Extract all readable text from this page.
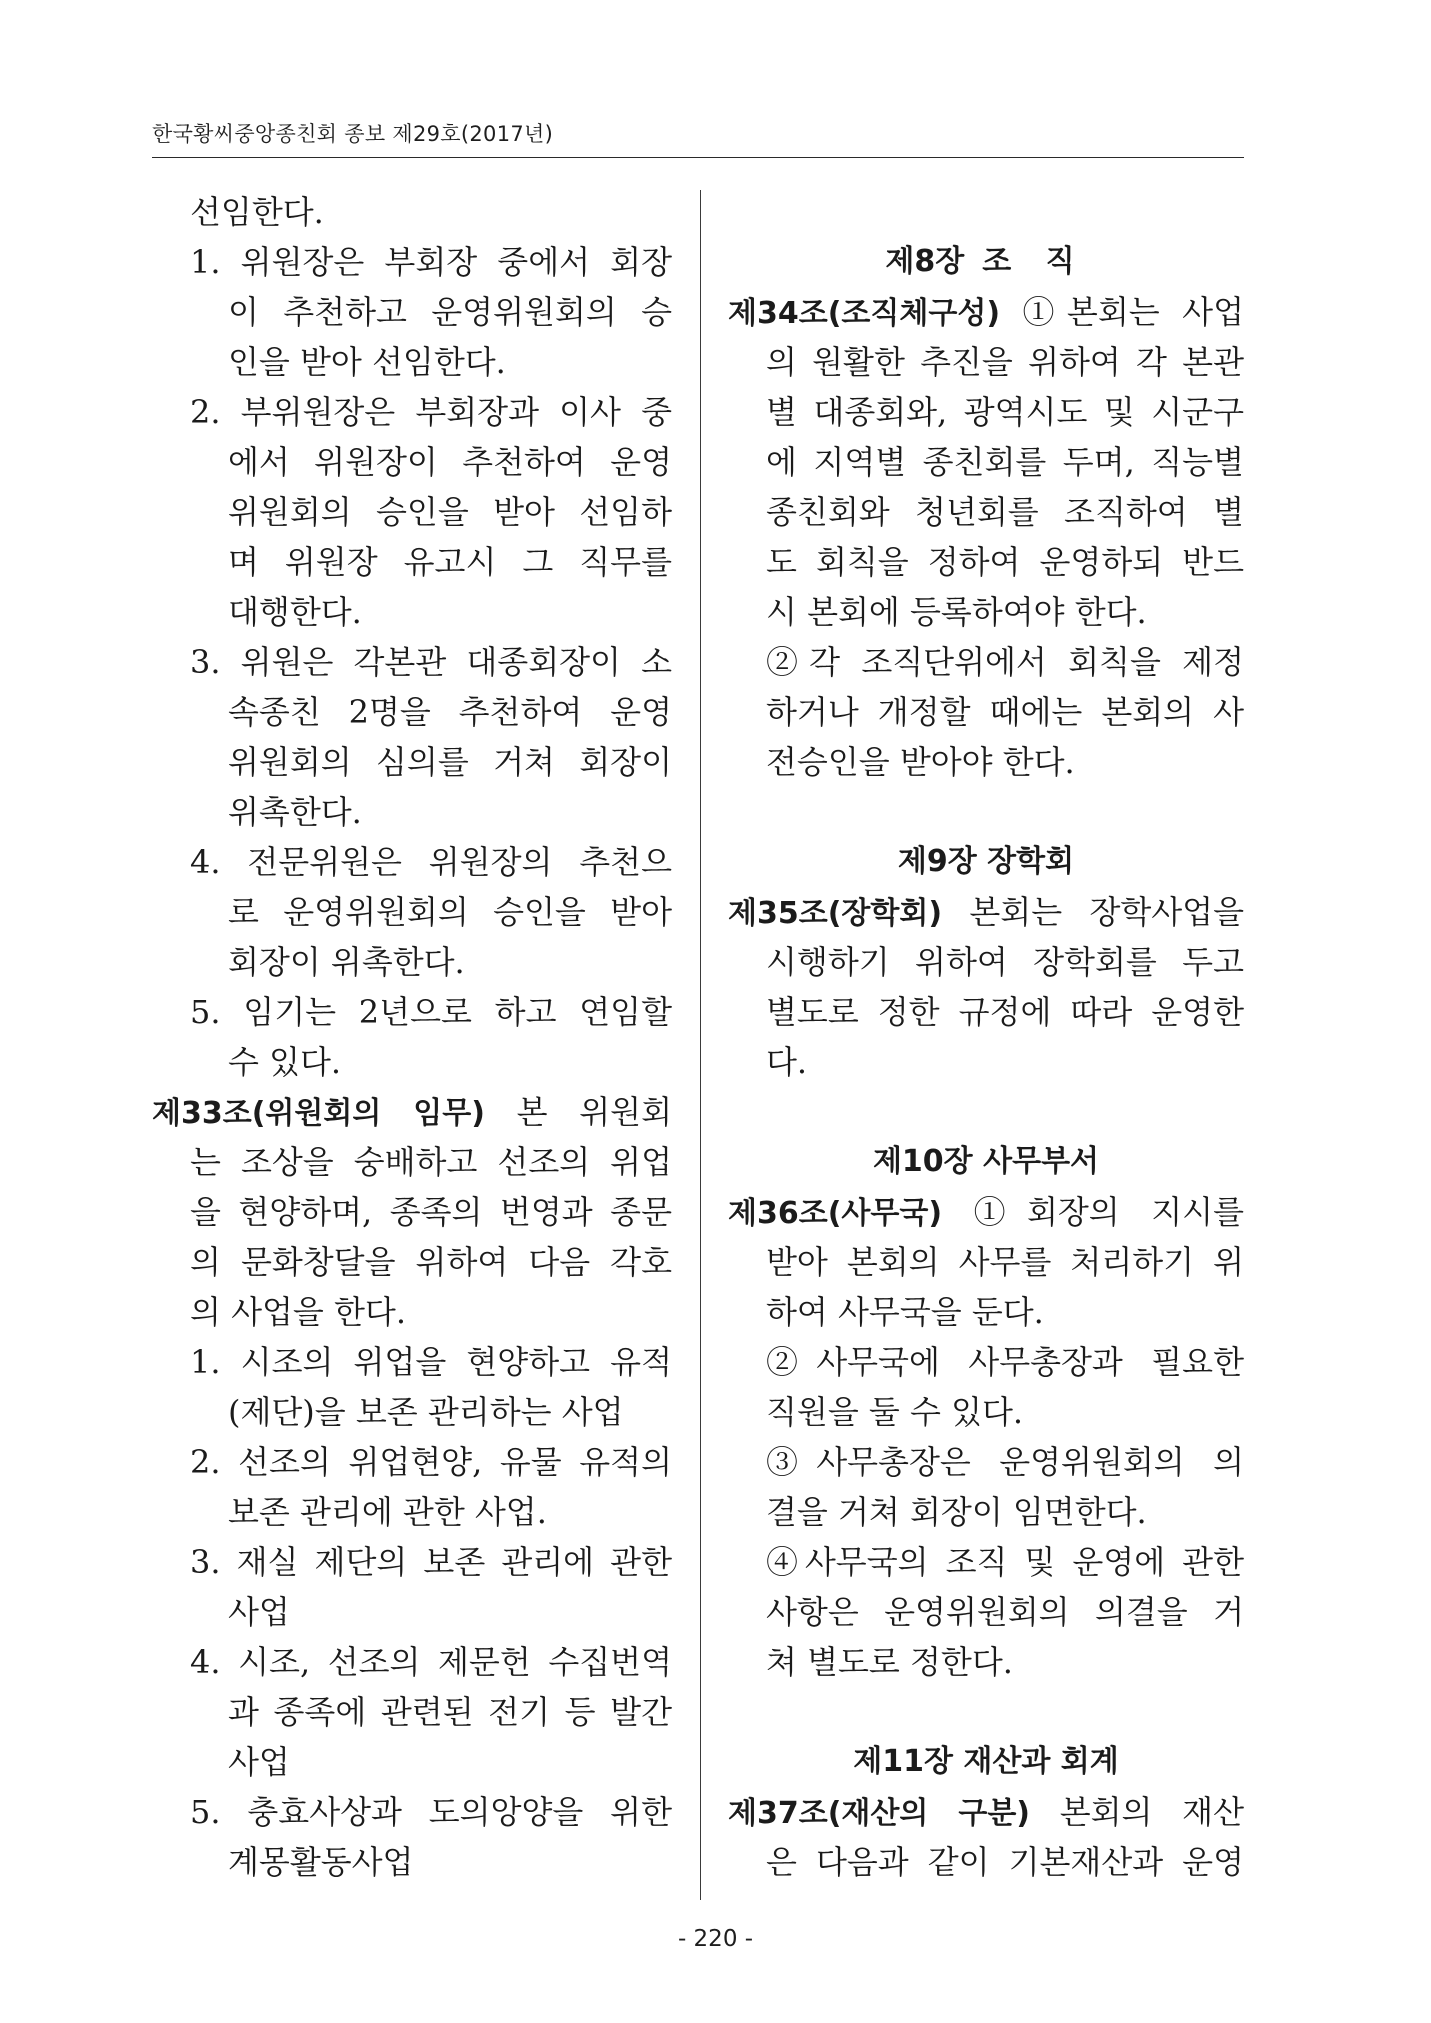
한국황씨중앙종친회 종보 제29호(2017년)
선임한다.
1. 위원장은 부회장 중에서 회장
이 추천하고 운영위원회의 승
인을 받아 선임한다.
2. 부위원장은 부회장과 이사 중
에서 위원장이 추천하여 운영
위원회의 승인을 받아 선임하
며 위원장 유고시 그 직무를
대행한다.
3. 위원은 각본관 대종회장이 소
속종친 2명을 추천하여 운영
위원회의 심의를 거쳐 회장이
위촉한다.
4. 전문위원은 위원장의 추천으
로 운영위원회의 승인을 받아
회장이 위촉한다.
5. 임기는 2년으로 하고 연임할
수 있다.
제33조(위원회의 임무) 본 위원회
는 조상을 숭배하고 선조의 위업
을 현양하며, 종족의 번영과 종문
의 문화창달을 위하여 다음 각호
의 사업을 한다.
1. 시조의 위업을 현양하고 유적
(제단)을 보존 관리하는 사업
2. 선조의 위업현양, 유물 유적의
보존 관리에 관한 사업.
3. 재실 제단의 보존 관리에 관한
사업
4. 시조, 선조의 제문헌 수집번역
과 종족에 관련된 전기 등 발간
사업
5. 충효사상과 도의앙양을 위한
계몽활동사업
제8장 조 직
제34조(조직체구성) ①본회는 사업
의 원활한 추진을 위하여 각 본관
별 대종회와, 광역시도 및 시군구
에 지역별 종친회를 두며, 직능별
종친회와 청년회를 조직하여 별
도 회칙을 정하여 운영하되 반드
시 본회에 등록하여야 한다.
②각 조직단위에서 회칙을 제정
하거나 개정할 때에는 본회의 사
전승인을 받아야 한다.
제9장 장학회
제35조(장학회) 본회는 장학사업을
시행하기 위하여 장학회를 두고
별도로 정한 규정에 따라 운영한
다.
제10장 사무부서
제36조(사무국) ①회장의 지시를
받아 본회의 사무를 처리하기 위
하여 사무국을 둔다.
②사무국에 사무총장과 필요한
직원을 둘 수 있다.
③사무총장은 운영위원회의 의
결을 거쳐 회장이 임면한다.
④사무국의 조직 및 운영에 관한
사항은 운영위원회의 의결을 거
쳐 별도로 정한다.
제11장 재산과 회계
제37조(재산의 구분) 본회의 재산
은 다음과 같이 기본재산과 운영
- 220 -
